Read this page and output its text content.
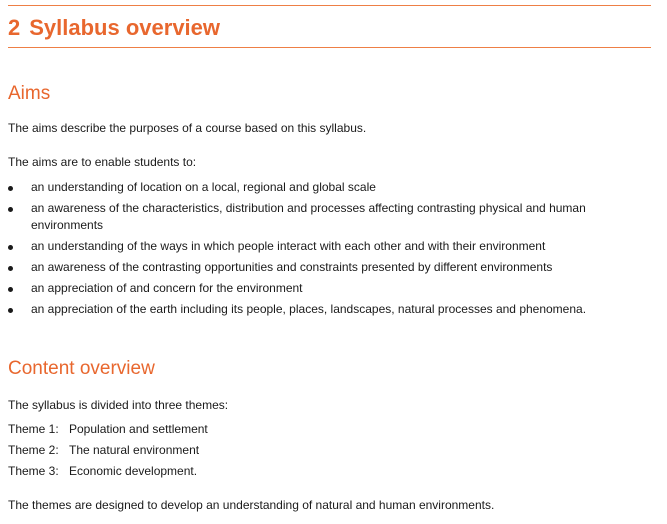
2 Syllabus overview
Aims

The aims describe the purposes of a course based on this syllabus.

The aims are to enable students to:

an understanding of location on a local, regional and global scale
an awareness of the characteristics, distribution and processes affecting contrasting physical and human environments
an understanding of the ways in which people interact with each other and with their environment
an awareness of the contrasting opportunities and constraints presented by different environments
an appreciation of and concern for the environment
an appreciation of the earth including its people, places, landscapes, natural processes and phenomena.
Content overview

The syllabus is divided into three themes:

Theme 1: Population and settlement
Theme 2: The natural environment
Theme 3: Economic development.

The themes are designed to develop an understanding of natural and human environments.
